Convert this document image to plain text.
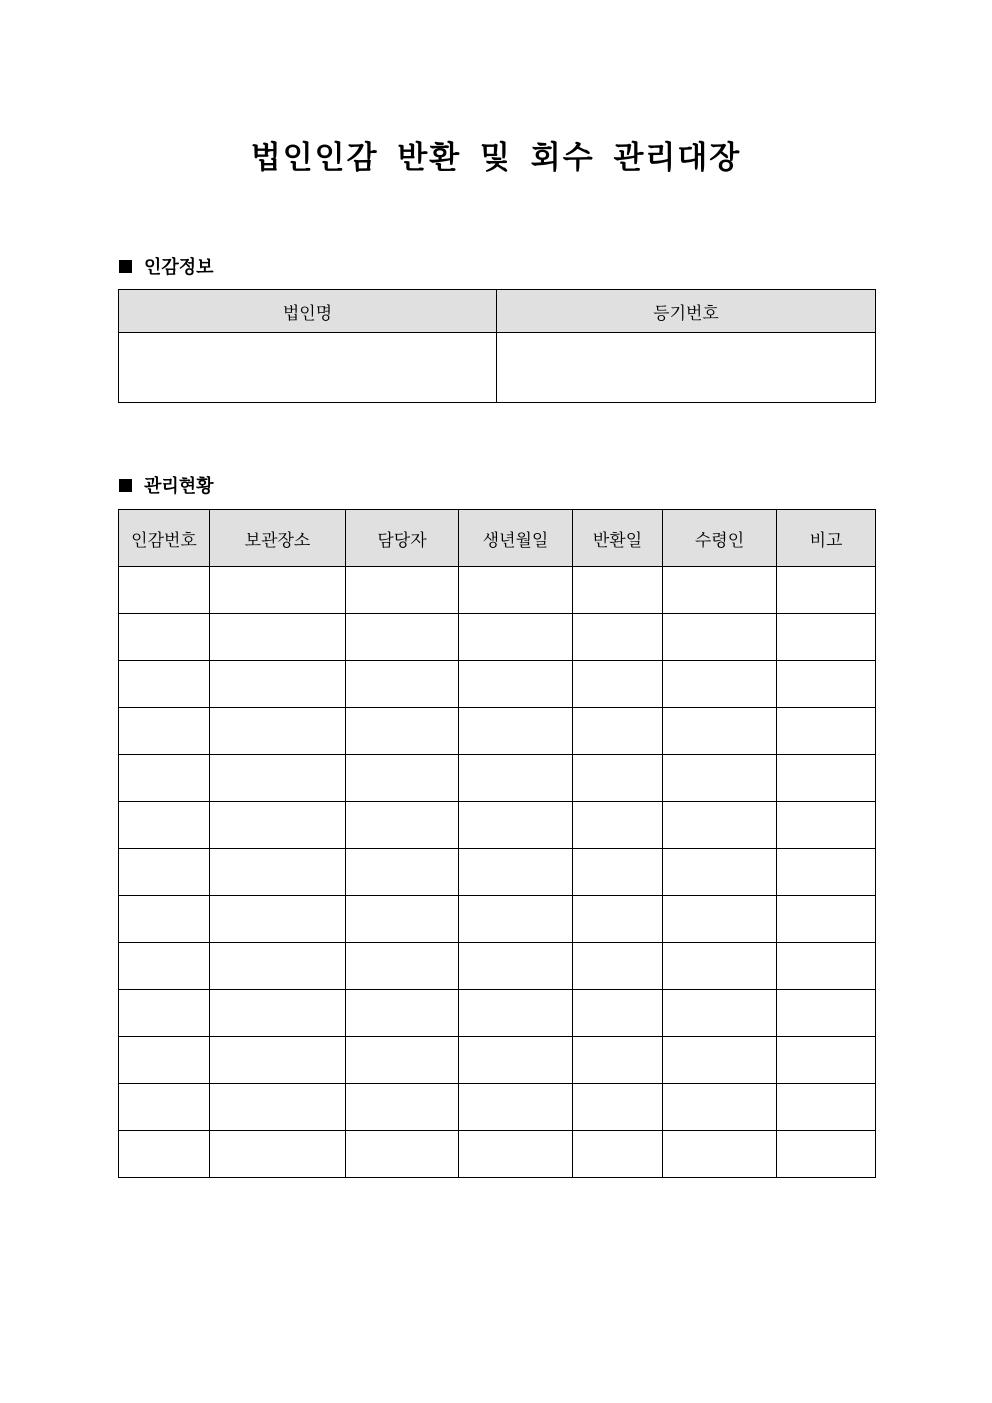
법인인감 반환 및 회수 관리대장
인감정보
법인명	등기번호

관리현황
인감번호	보관장소	담당자	생년월일	반환일	수령인	비고
